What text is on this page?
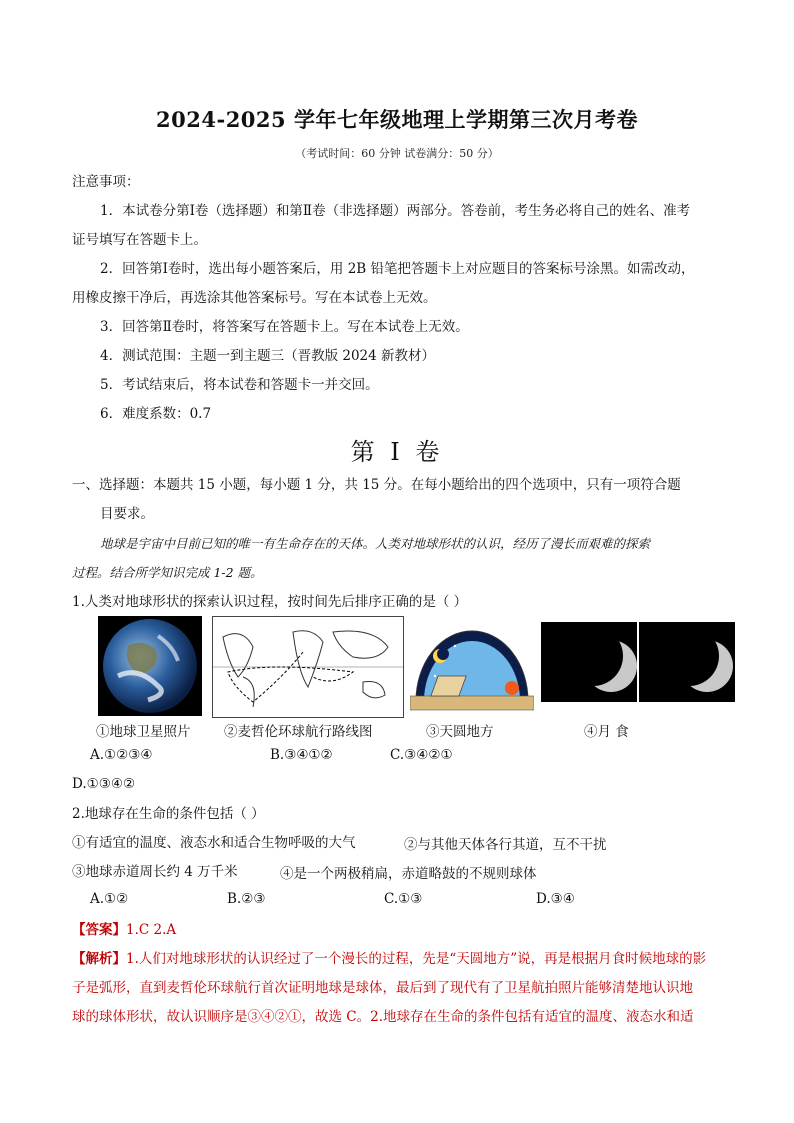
2024-2025 学年七年级地理上学期第三次月考卷
（考试时间：60 分钟 试卷满分：50 分）
注意事项：
1．本试卷分第Ⅰ卷（选择题）和第Ⅱ卷（非选择题）两部分。答卷前，考生务必将自己的姓名、准考
证号填写在答题卡上。
2．回答第Ⅰ卷时，选出每小题答案后，用 2B 铅笔把答题卡上对应题目的答案标号涂黑。如需改动，
用橡皮擦干净后，再选涂其他答案标号。写在本试卷上无效。
3．回答第Ⅱ卷时，将答案写在答题卡上。写在本试卷上无效。
4．测试范围：主题一到主题三（晋教版 2024 新教材）
5．考试结束后，将本试卷和答题卡一并交回。
6．难度系数：0.7
第 I 卷
一、选择题：本题共 15 小题，每小题 1 分，共 15 分。在每小题给出的四个选项中，只有一项符合题
目要求。
地球是宇宙中目前已知的唯一有生命存在的天体。人类对地球形状的认识，经历了漫长而艰难的探索
过程。结合所学知识完成 1-2 题。
1.人类对地球形状的探索认识过程，按时间先后排序正确的是（ ）
①地球卫星照片 ②麦哲伦环球航行路线图	③天圆地方	④月 食
A.①②③④	B.③④①②	C.③④②①
D.①③④②
2.地球存在生命的条件包括（ ）
①有适宜的温度、液态水和适合生物呼吸的大气	②与其他天体各行其道，互不干扰
③地球赤道周长约 4 万千米	④是一个两极稍扁，赤道略鼓的不规则球体
A.①②	B.②③	C.①③	D.③④
【答案】1.C 2.A
【解析】1.人们对地球形状的认识经过了一个漫长的过程，先是“天圆地方”说，再是根据月食时候地球的影
子是弧形，直到麦哲伦环球航行首次证明地球是球体，最后到了现代有了卫星航拍照片能够清楚地认识地
球的球体形状，故认识顺序是③④②①，故选 C。2.地球存在生命的条件包括有适宜的温度、液态水和适
